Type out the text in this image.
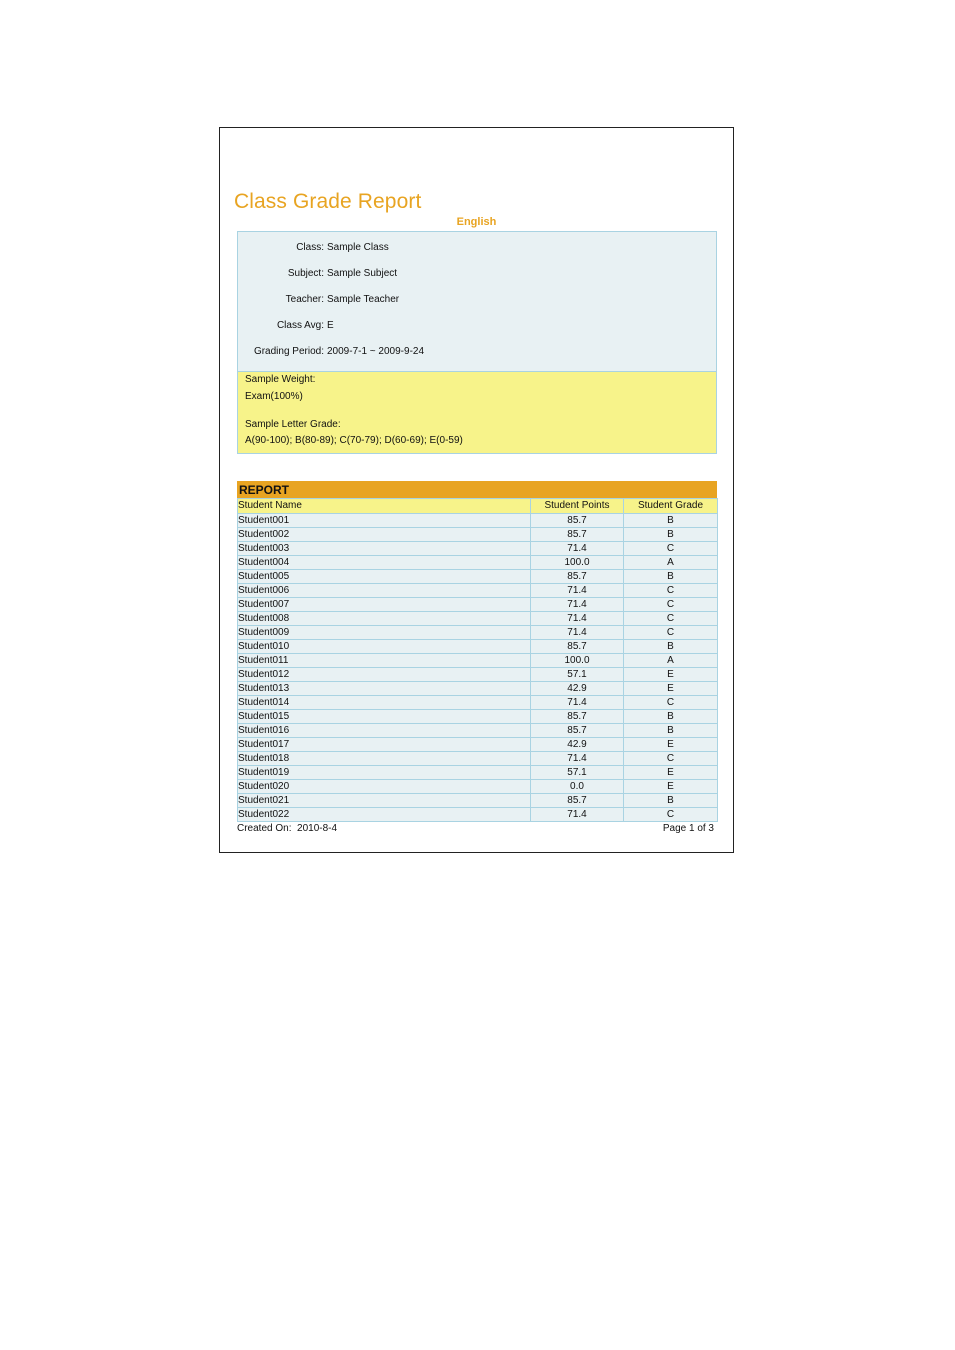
Class Grade Report
English
Class: Sample Class
Subject: Sample Subject
Teacher: Sample Teacher
Class Avg: E
Grading Period: 2009-7-1 ~ 2009-9-24
Sample Weight:
Exam(100%)
Sample Letter Grade:
A(90-100); B(80-89); C(70-79); D(60-69); E(0-59)
REPORT
Student Name	Student Points	Student Grade
Student001	85.7	B
Student002	85.7	B
Student003	71.4	C
Student004	100.0	A
Student005	85.7	B
Student006	71.4	C
Student007	71.4	C
Student008	71.4	C
Student009	71.4	C
Student010	85.7	B
Student011	100.0	A
Student012	57.1	E
Student013	42.9	E
Student014	71.4	C
Student015	85.7	B
Student016	85.7	B
Student017	42.9	E
Student018	71.4	C
Student019	57.1	E
Student020	0.0	E
Student021	85.7	B
Student022	71.4	C
Created On: 2010-8-4	Page 1 of 3
